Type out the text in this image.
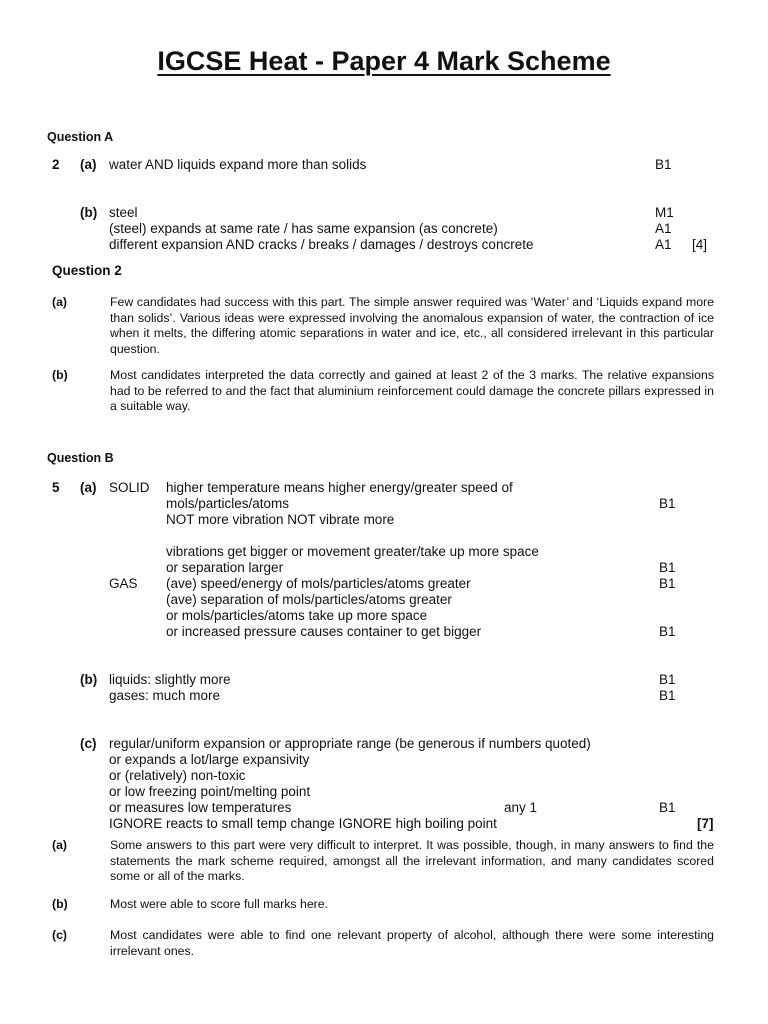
IGCSE Heat - Paper 4 Mark Scheme
Question A
2 (a) water AND liquids expand more than solids	B1
(b) steel	M1
(steel) expands at same rate / has same expansion (as concrete)	A1
different expansion AND cracks / breaks / damages / destroys concrete	A1 [4]
Question 2
(a)	Few candidates had success with this part. The simple answer required was ‘Water’ and ‘Liquids expand more than solids’. Various ideas were expressed involving the anomalous expansion of water, the contraction of ice when it melts, the differing atomic separations in water and ice, etc., all considered irrelevant in this particular question.
(b)	Most candidates interpreted the data correctly and gained at least 2 of the 3 marks. The relative expansions had to be referred to and the fact that aluminium reinforcement could damage the concrete pillars expressed in a suitable way.
Question B
5 (a) SOLID higher temperature means higher energy/greater speed of
mols/particles/atoms	B1
NOT more vibration NOT vibrate more
vibrations get bigger or movement greater/take up more space
or separation larger	B1
GAS (ave) speed/energy of mols/particles/atoms greater	B1
(ave) separation of mols/particles/atoms greater
or mols/particles/atoms take up more space
or increased pressure causes container to get bigger	B1
(b) liquids: slightly more	B1
gases: much more	B1
(c) regular/uniform expansion or appropriate range (be generous if numbers quoted)
or expands a lot/large expansivity
or (relatively) non-toxic
or low freezing point/melting point
or measures low temperatures	any 1	B1
IGNORE reacts to small temp change IGNORE high boiling point	[7]
(a)	Some answers to this part were very difficult to interpret. It was possible, though, in many answers to find the statements the mark scheme required, amongst all the irrelevant information, and many candidates scored some or all of the marks.
(b)	Most were able to score full marks here.
(c)	Most candidates were able to find one relevant property of alcohol, although there were some interesting irrelevant ones.
